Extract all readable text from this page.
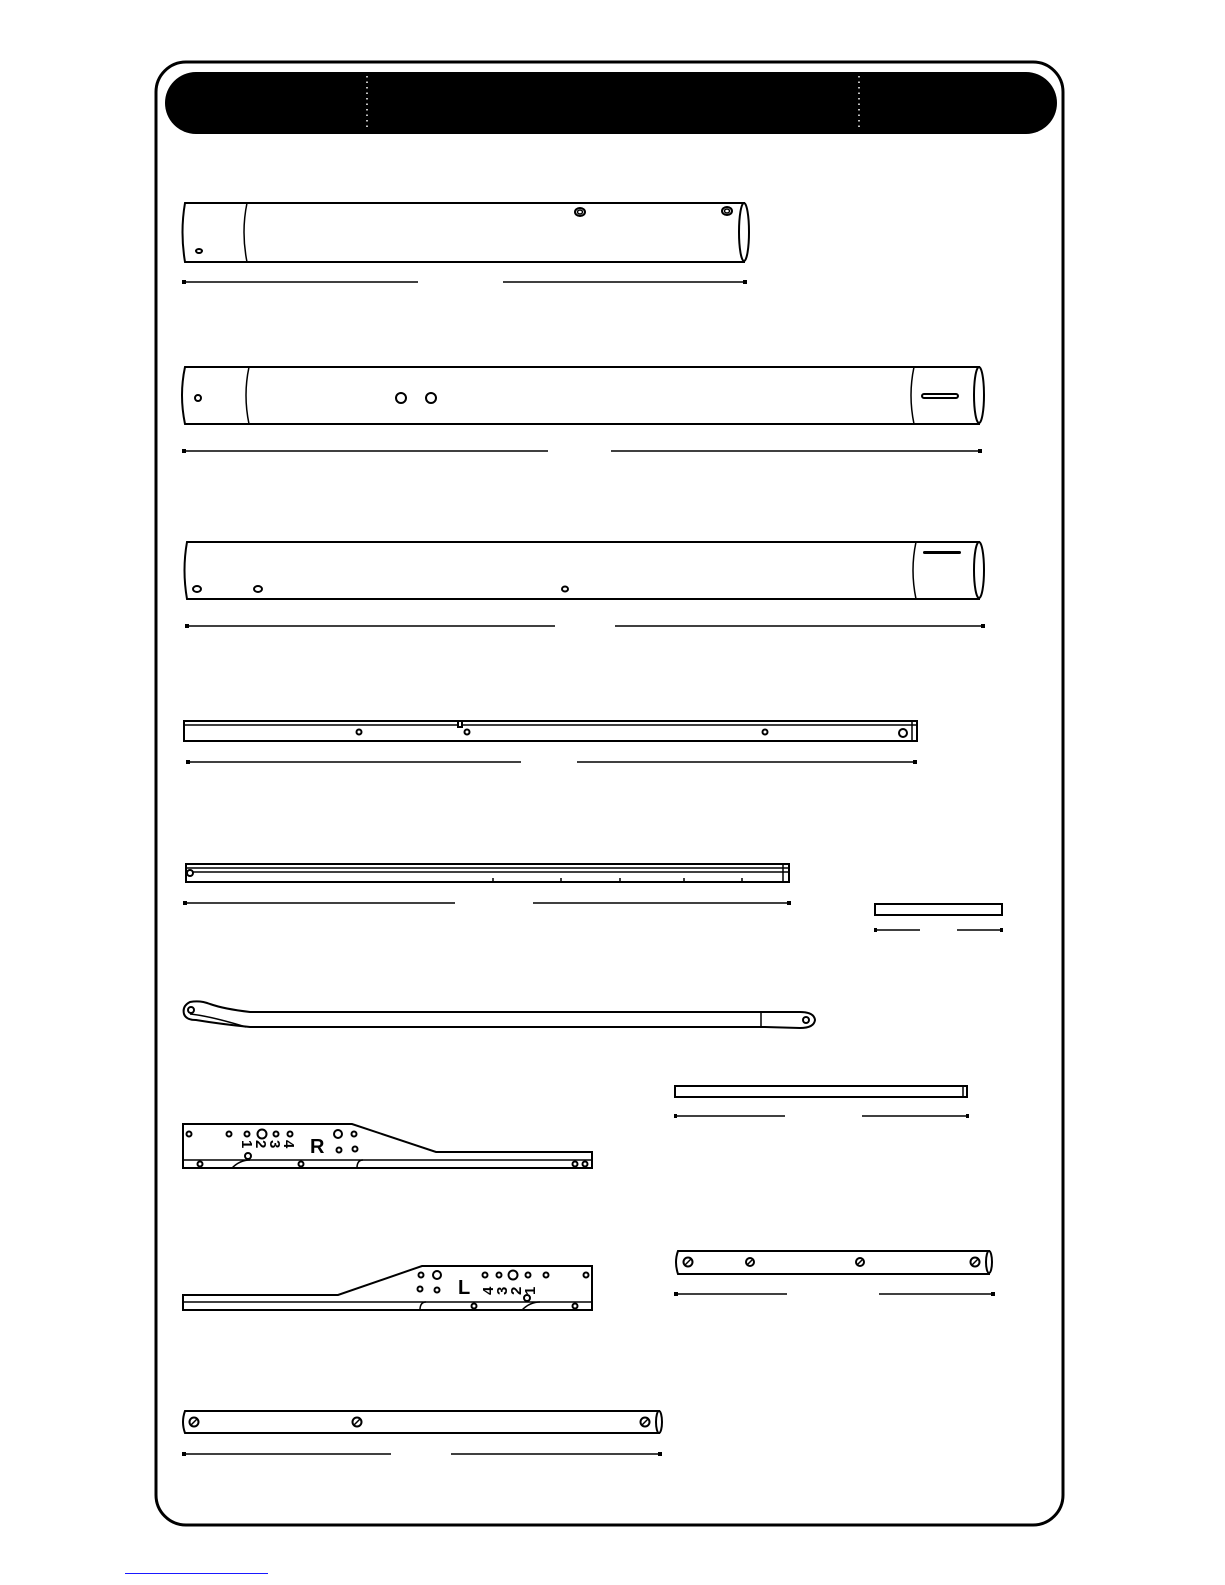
1
2
3
4 R
4
3
2
1
L
